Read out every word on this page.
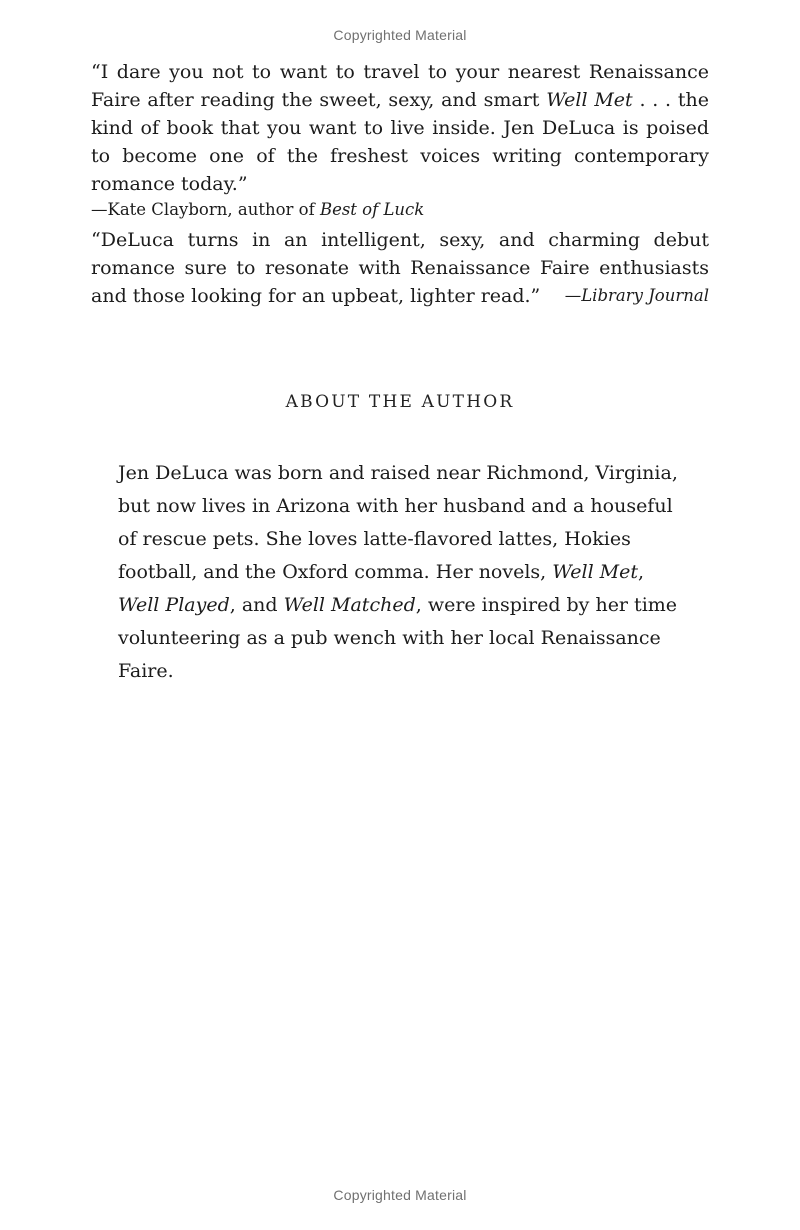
Copyrighted Material

“I dare you not to want to travel to your nearest Renaissance Faire after reading the sweet, sexy, and smart Well Met . . . the kind of book that you want to live inside. Jen DeLuca is poised to become one of the freshest voices writing contemporary romance today.”

—Kate Clayborn, author of Best of Luck

“DeLuca turns in an intelligent, sexy, and charming debut romance sure to resonate with Renaissance Faire enthusiasts and those looking for an upbeat, lighter read.” —Library Journal

ABOUT THE AUTHOR

Jen DeLuca was born and raised near Richmond, Virginia, but now lives in Arizona with her husband and a houseful of rescue pets. She loves latte-flavored lattes, Hokies football, and the Oxford comma. Her novels, Well Met, Well Played, and Well Matched, were inspired by her time volunteering as a pub wench with her local Renaissance Faire.

Copyrighted Material
